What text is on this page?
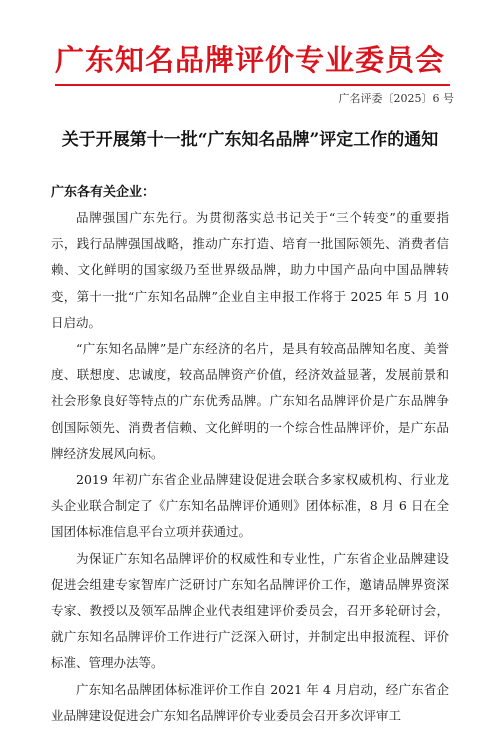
广东知名品牌评价专业委员会
广名评委〔2025〕6 号
关于开展第十一批“广东知名品牌”评定工作的通知
广东各有关企业：

品牌强国广东先行。为贯彻落实总书记关于“三个转变”的重要指示，践行品牌强国战略，推动广东打造、培育一批国际领先、消费者信赖、文化鲜明的国家级乃至世界级品牌，助力中国产品向中国品牌转变，第十一批“广东知名品牌”企业自主申报工作将于 2025 年 5 月 10 日启动。

“广东知名品牌”是广东经济的名片，是具有较高品牌知名度、美誉度、联想度、忠诚度，较高品牌资产价值，经济效益显著，发展前景和社会形象良好等特点的广东优秀品牌。广东知名品牌评价是广东品牌争创国际领先、消费者信赖、文化鲜明的一个综合性品牌评价，是广东品牌经济发展风向标。

2019 年初广东省企业品牌建设促进会联合多家权威机构、行业龙头企业联合制定了《广东知名品牌评价通则》团体标准，8 月 6 日在全国团体标准信息平台立项并获通过。

为保证广东知名品牌评价的权威性和专业性，广东省企业品牌建设促进会组建专家智库广泛研讨广东知名品牌评价工作，邀请品牌界资深专家、教授以及领军品牌企业代表组建评价委员会，召开多轮研讨会，就广东知名品牌评价工作进行广泛深入研讨，并制定出申报流程、评价标准、管理办法等。

广东知名品牌团体标准评价工作自 2021 年 4 月启动，经广东省企业品牌建设促进会广东知名品牌评价专业委员会召开多次评审工
